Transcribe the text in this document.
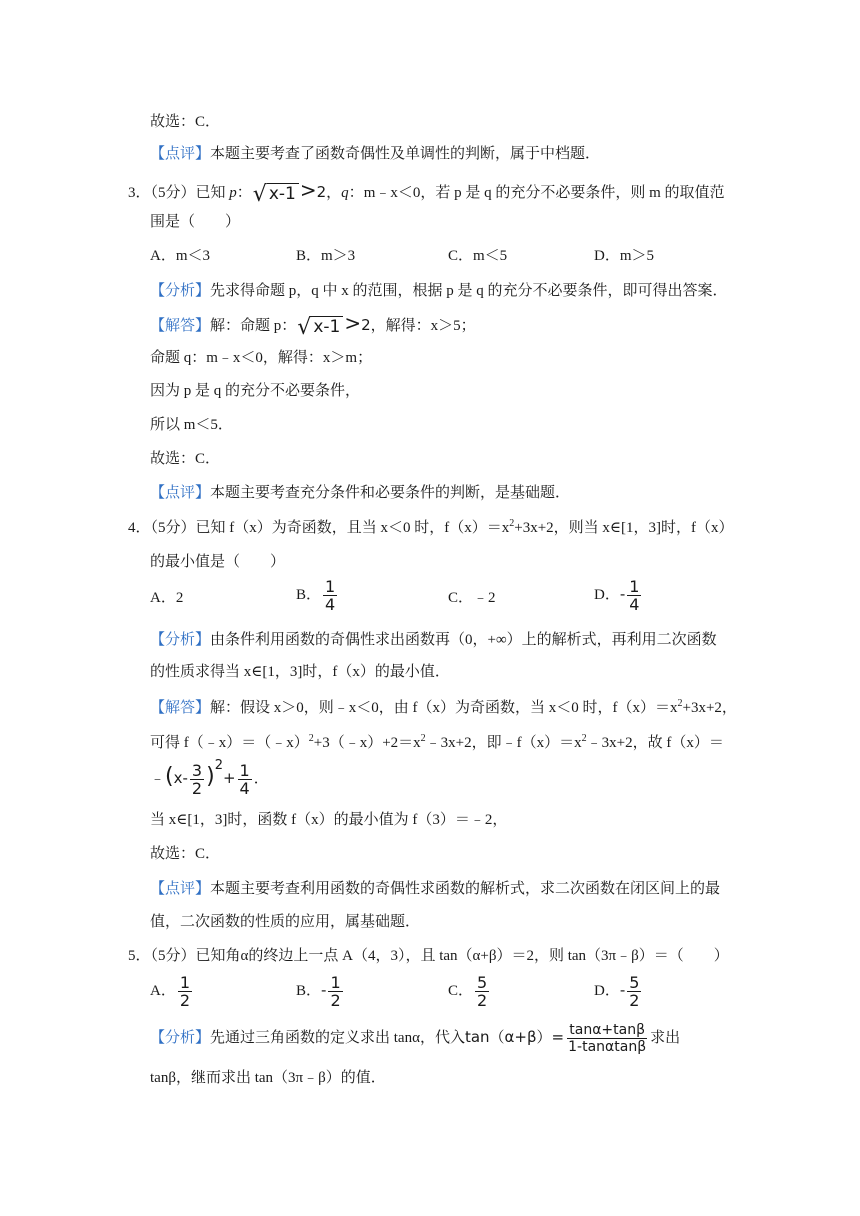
故选：C．
【点评】本题主要考查了函数奇偶性及单调性的判断，属于中档题．
3．（5分）已知 p：√ x-1 >2，q：m﹣x＜0，若 p 是 q 的充分不必要条件，则 m 的取值范
围是（　　）
A．m＜3	B．m＞3	C．m＜5	D．m＞5
【分析】先求得命题 p，q 中 x 的范围，根据 p 是 q 的充分不必要条件，即可得出答案．
【解答】解：命题 p：√ x-1 >2，解得：x＞5；
命题 q：m﹣x＜0，解得：x＞m；
因为 p 是 q 的充分不必要条件，
所以 m＜5．
故选：C．
【点评】本题主要考查充分条件和必要条件的判断，是基础题．
4．（5分）已知 f（x）为奇函数，且当 x＜0 时，$f(x)=x^2+3x+2$，则当 x∈[1，3]时，f（x）
的最小值是（　　）
A．2	B． $\frac{1}{4}$	C．﹣2	D．- $\frac{1}{4}$
【分析】由条件利用函数的奇偶性求出函数再（0，+∞）上的解析式，再利用二次函数
的性质求得当 x∈[1，3]时，f（x）的最小值．
【解答】解：假设 x＞0，则﹣x＜0，由 f（x）为奇函数，当 x＜0 时，$f(x)=x^2+3x+2$，
可得 $f(﹣x)=(﹣x)^2+3(﹣x)+2=x^2﹣3x+2$，即$﹣f(x)=x^2﹣3x+2$，故 f（x）＝
﹣(x- $\frac{3}{2} )^2+ \frac{1}{4}$ ．
当 x∈[1，3]时，函数 f（x）的最小值为 f（3）＝﹣2，
故选：C．
【点评】本题主要考查利用函数的奇偶性求函数的解析式，求二次函数在闭区间上的最
值，二次函数的性质的应用，属基础题．
5．（5分）已知角α的终边上一点 A（4，3），且 tan（α+β）＝2，则 tan（3π﹣β）＝（　　）
A． $\frac{1}{2}$	B．- $\frac{1}{2}$	C． $\frac{5}{2}$	D．- $\frac{5}{2}$
【分析】先通过三角函数的定义求出 tanα，代入$\tan(\alpha+\beta)= \frac{\tan\alpha+\tan\beta}{1-\tan\alpha\tan\beta}$ 求出
tanβ，继而求出 tan（3π﹣β）的值．
